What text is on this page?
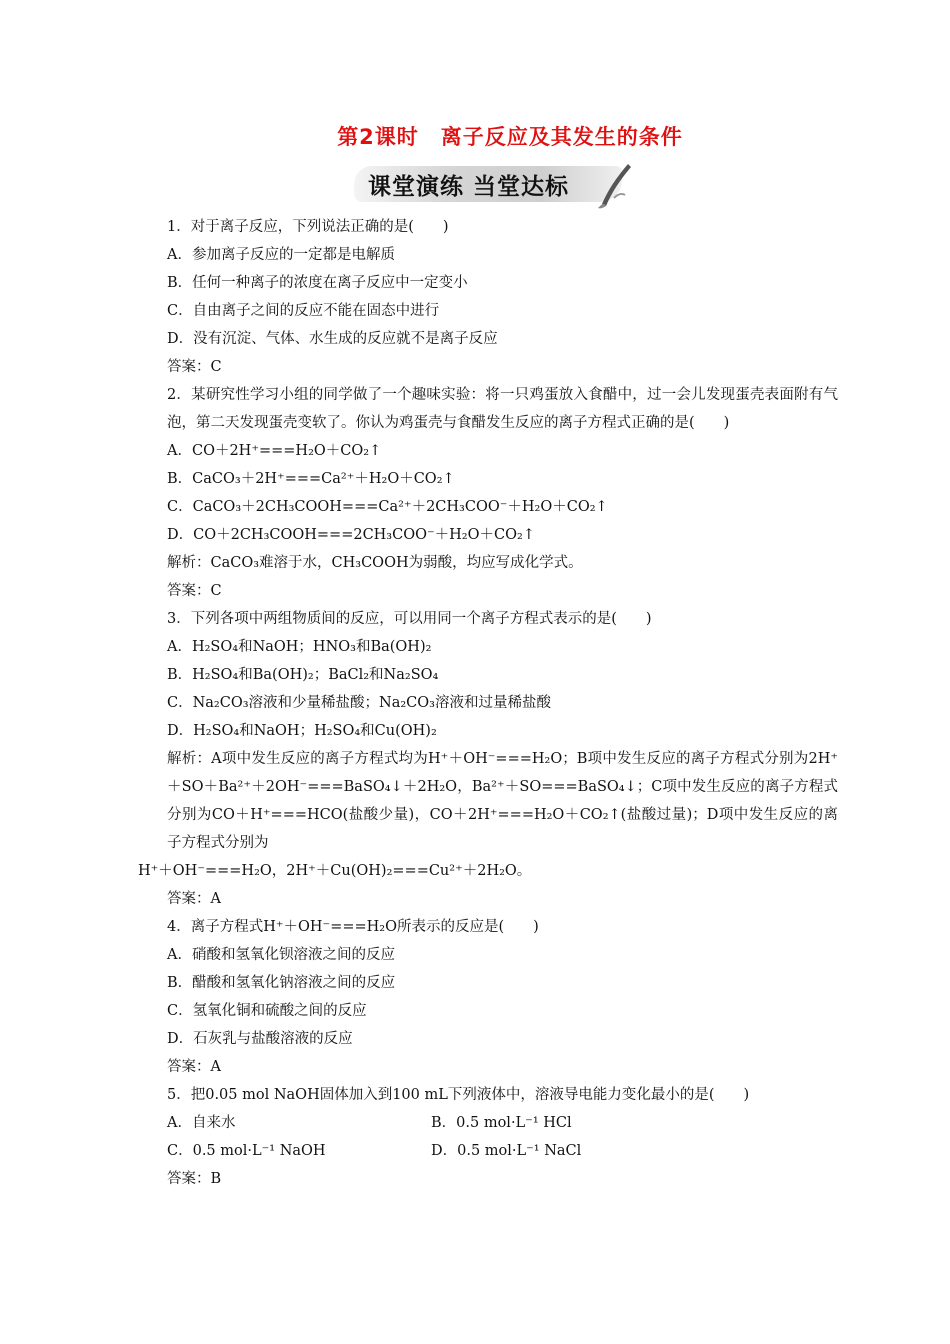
第2课时　离子反应及其发生的条件
课堂演练 当堂达标
1．对于离子反应，下列说法正确的是(　　)
A．参加离子反应的一定都是电解质
B．任何一种离子的浓度在离子反应中一定变小
C．自由离子之间的反应不能在固态中进行
D．没有沉淀、气体、水生成的反应就不是离子反应
答案：C
2．某研究性学习小组的同学做了一个趣味实验：将一只鸡蛋放入食醋中，过一会儿发现蛋壳表面附有气泡，第二天发现蛋壳变软了。你认为鸡蛋壳与食醋发生反应的离子方程式正确的是(　　)
A．CO＋2H⁺===H₂O＋CO₂↑
B．CaCO₃＋2H⁺===Ca²⁺＋H₂O＋CO₂↑
C．CaCO₃＋2CH₃COOH===Ca²⁺＋2CH₃COO⁻＋H₂O＋CO₂↑
D．CO＋2CH₃COOH===2CH₃COO⁻＋H₂O＋CO₂↑
解析：CaCO₃难溶于水，CH₃COOH为弱酸，均应写成化学式。
答案：C
3．下列各项中两组物质间的反应，可以用同一个离子方程式表示的是(　　)
A．H₂SO₄和NaOH；HNO₃和Ba(OH)₂
B．H₂SO₄和Ba(OH)₂；BaCl₂和Na₂SO₄
C．Na₂CO₃溶液和少量稀盐酸；Na₂CO₃溶液和过量稀盐酸
D．H₂SO₄和NaOH；H₂SO₄和Cu(OH)₂
解析：A项中发生反应的离子方程式均为H⁺＋OH⁻===H₂O；B项中发生反应的离子方程式分别为2H⁺＋SO＋Ba²⁺＋2OH⁻===BaSO₄↓＋2H₂O，Ba²⁺＋SO===BaSO₄↓；C项中发生反应的离子方程式分别为CO＋H⁺===HCO(盐酸少量)，CO＋2H⁺===H₂O＋CO₂↑(盐酸过量)；D项中发生反应的离子方程式分别为
H⁺＋OH⁻===H₂O，2H⁺＋Cu(OH)₂===Cu²⁺＋2H₂O。
答案：A
4．离子方程式H⁺＋OH⁻===H₂O所表示的反应是(　　)
A．硝酸和氢氧化钡溶液之间的反应
B．醋酸和氢氧化钠溶液之间的反应
C．氢氧化铜和硫酸之间的反应
D．石灰乳与盐酸溶液的反应
答案：A
5．把0.05 mol NaOH固体加入到100 mL下列液体中，溶液导电能力变化最小的是(　　)
A．自来水	B．0.5 mol·L⁻¹ HCl
C．0.5 mol·L⁻¹ NaOH	D．0.5 mol·L⁻¹ NaCl
答案：B
